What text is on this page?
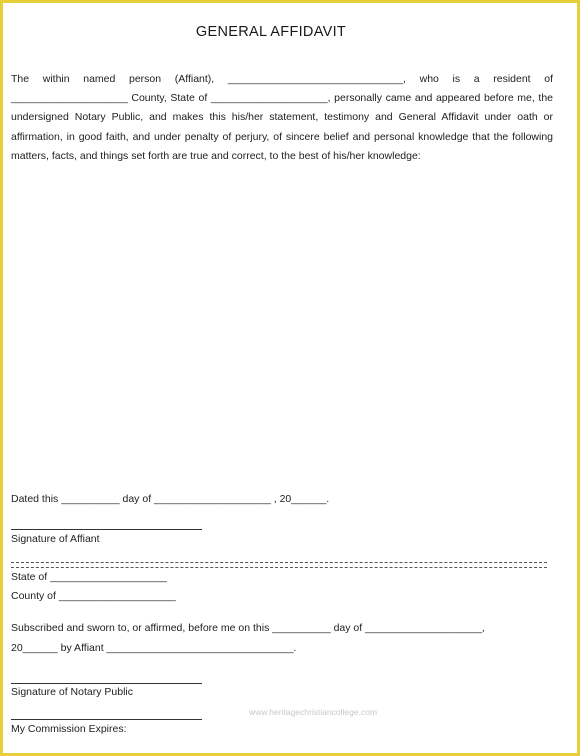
GENERAL AFFIDAVIT

The within named person (Affiant), ______________________________, who is a resident of ____________________ County, State of ____________________, personally came and appeared before me, the undersigned Notary Public, and makes this his/her statement, testimony and General Affidavit under oath or affirmation, in good faith, and under penalty of perjury, of sincere belief and personal knowledge that the following matters, facts, and things set forth are true and correct, to the best of his/her knowledge:

Dated this __________ day of ____________________ , 20______.
Signature of Affiant
State of ____________________
County of ____________________
Subscribed and sworn to, or affirmed, before me on this __________ day of ____________________,
20______ by Affiant ________________________________.
Signature of Notary Public
My Commission Expires:
www.heritagechristiancollege.com
